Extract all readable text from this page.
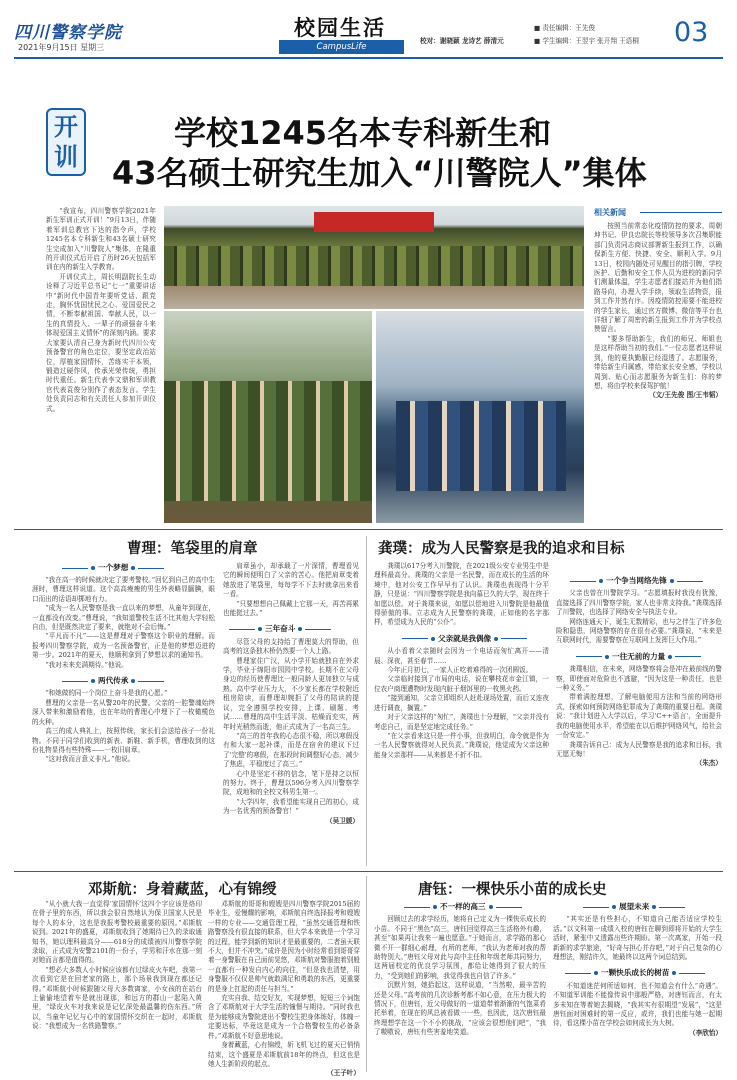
四川警察学院
2021年9月15日 星期三
校园生活
CampusLife
■ 责任编辑：王先俊
校对：谢晓颖 龙诗艺 薛清元	■ 学生编辑：王翌宇 张开翔 王语桐 03
开
训
学校1245名本专科新生和
43名硕士研究生加入“川警院人”集体

“我宣布，四川警察学院2021年新生军训正式开训！”9月13日，伴随着军训总教官下达的指令声，学校1245名本专科新生和43名硕士研究生完成加入“川警院人”集体，在隆重的开训仪式后开启了历时26天包括军训在内的新生入学教育。

开训仪式上，周长明副院长生动诠释了习近平总书记“七一”重要讲话中“新时代中国青年要听党话、跟党走，胸怀忧国忧民之心、爱国爱民之情，不断奉献祖国、奉献人民，以一生的真情投入、一辈子的顽强奋斗来体现爱国主义情怀”的深刻内涵。要求大家要认清自己身为新时代四川公安预备警官的角色定位，要坚定政治站位，厚植家国情怀，苦练实干本领，锻造过硬作风，传承光荣传统，勇担时代重任。新生代表李文鼎和军训教官代表袁俊分别作了表态发言。学生处负责同志和有关责任人参加开训仪式。

相关新闻

按照当前常态化疫情防控的要求，周朝坤书记、伊良忠院长等校领导多次召集职能部门负责同志商议部署新生报到工作，以确保新生方便、快捷、安全、顺利入学。9月13日，校园内随处可见醒目的指引牌，学校医护、后勤和安全工作人员为进校的新同学们测量体温，学生志愿者们接站并为他们指路导向，办理入学手续，领取生活物资，报到工作井然有序。因疫情防控需要不能进校的学生家长，通过官方微博、微信等平台也详细了解了周密的新生报到工作并为学校点赞留言。

“要多帮助新生，我们的师兄、师姐也是这样帮助当初的我们。”一位志愿者这样说到，他的夏执勤服已经湿透了。志愿服务，带给新生归属感，带给家长安全感，学校以周到、贴心而志愿服务为新生们：你的梦想，将由学校来保驾护航！

（文/王先俊 图/王韦韬）
曹理：笔袋里的肩章
一个梦想

“我在高一的时候就决定了要考警校。”回忆到自己的高中生涯时，曹理这样说道。这个高高瘦瘦的男生外表略显腼腆，眼口而出的话语却掷地有力。

“成为一名人民警察是我一直以来的梦想，从童年到现在，一直都没有改变。”曹理说，“我知道警校生活不比其他大学轻松自由，但是既然决定了要来，就绝对不会后悔。”

“平凡而不凡”——这是曹理对于警察这个职业的理解。而报考四川警察学院，成为一名预备警官，正是他的梦想迈进的第一步。2021年的夏天，他顺利拿到了梦想以求的通知书。

“我对未来充满期待。”他说。

两代传承

“和她做的同一个岗位上奋斗是我的心愿。”

曹理的父亲是一名从警20年的民警。父亲的一腔警魂始终深入带来和激励着他，也在年幼的曹理心中埋下了一枚橄榄色的火种。

高三的成人典礼上，按照传统，家长们会送给孩子一份礼物。不同于同学们收到的新表、新鞋、新手机，曹理收到的这份礼物显得有些特殊——一枚旧肩章。

“这对我而言意义非凡。”他说。

肩章虽小，却承载了一片深情，曹理看见它的瞬间便明白了父亲的苦心。他把肩章变着她放进了笔袋里，每每学不下去时就拿出来看一看。

“只要想想自己佩戴上它那一天，再苦再累也能挺过去。”

三年奋斗

尽管父母的支持给了曹理莫大的帮助，但高考的这条独木桥仍然要一个人上路。

曹理家住广汉，从小学开始就独自在外求学，毕业于绵阳市园园中学校。长期不在父母身边的经历使曹理比一般同龄人更加独立与成熟。高中学业压力大，不少家长都在学校附近租房陪读，而曹理却婉拒了父母的陪读的提议，完全遵照学校安排，上课、刷题、考试……曹理的高中生活平淡、枯燥而充实，两年时光稍然而逝，他正式成为了一名高三生。

“高三的首年我的心态很不稳，所以寒假没有和大家一起补课，而是在宿舍的建议下过了'完整'的寒假，在那段时间调整好心态，减少了焦虑，平稳度过了高三。”

心中是坚定不移的信念，笔下是持之以恒的努力。终于，曹理以596分考入四川警察学院，成地和的全校文科男生第一。

“大学四年，我希望能实现自己的初心，成为一名优秀的预备警官！”

（吴卫媛）
龚璞：成为人民警察是我的追求和目标

龚璞以617分考入川警院，在2021级公安专业男生中是理科最高分。龚璞的父亲是一名民警，而在成长的生活的环境中，他对公安工作早早有了认识。龚璞也表现得十分平静，只是说：“四川警察学院是我向慕已久的大学，现在终于如愿以偿。对于龚璞来说，如愿以偿地进入川警院是他最值得骄傲的事。立志成为人民警察的龚璞，正如他的名字那样，希望成为人民的“公仆”。

父亲就是我偶像

从小看着父亲随时会因为一个电话而匆忙离开——清晨、深夜，甚至春节……

今年正月初七，一家人正吃着难得的一次团圆饭。

父亲临时接到了市局的电话，说在攀枝花市金江镇，一位农户商理遭物时发现内脏于烟饵里的一枚黑火药。

“接到通知，父亲立即组织人赶赴现场处置，而后又连夜进行调查，搁置。”

对于父亲这样的“匆忙”，龚璞也十分理解，“父亲并没有考虑自己，而是坚定地完成任务。”

“在父亲看来这只是一件小事，但我明白，命令就是作为一名人民警察就得对人民负责。”龚璞说，他觉成为父亲这种能身父亲那样——从来都是不折不扣。

一个争当网络先锋

父亲也曾在川警院学习。“志愿填报时我没有犹豫，直接选择了四川警察学院，家人也非常支持我。”龚璞选择了川警院，也选择了网络安全与执法专业。

网络连通天下，诞生无数精彩，也与之伴生了许多危险和隐患，网络警察的存在很有必要。”龚璞说，“未来是互联网时代，需要警察在互联网上发挥巨大作用。”

一往无前的力量

龚璞相信，在未来，网络警察将会是冲在最前线的警察，即使面对危险也不逃避，“因为这是一种责任，也是一种义务。”

带着满腔理想，了解电脑便用方法和当前的网络形式，探索如何预防网络犯罪成为了龚璞的重要日程。龚璞说：“我计划进入大学以后，学习'C++语言'，全面提升我的电脑使用水平，希望能在以后维护网络风气，给社会一份安定。”

龚璞告诉自己：成为人民警察是我的追求和目标，我无愿无悔！

（朱杰）
邓斯航：身着藏蓝，心有锦绶

“从小就大我一直觉得‘家国情怀’这四个字应该是烙印在骨子里的东西，所以我会很自然地认为保卫国家人民是每个人的本分，这也是我报考警校最重要的原因。”邓斯航说到。2021年的盛夏，邓斯航收到了她期待已久的录取通知书，她以理科最高分——618分的成绩被四川警察学院录取，正式成为安警2101的一份子，学男和汗水在那一刻对她而言都是值得的。

“想必大多数人小时候应该都有过绿皮火车吧，我第一次看到它是在回老家的路上，那个场景我到现在都还记得。”邓斯航小时候跟随父母大多数离家，小女孩的在站台上偷偷地望着车是就出现那，和远方的群山一起陷入黄里，“绿皮火车对我来说是记忆深处最温馨的伤东西。”所以，当童年记忆与心中的家国情怀交织在一起时，邓斯航说：“我想成为一名铁路警察。”

邓斯航的哥哥和嫂嫂是四川警察学院2015届的毕业生，爱慢耀的影响，邓斯航自终选择报考和嫂嫂一样的专业——交通管理工程，“虽然交通管理和铁路警察没有很直接的联系，但大学本来就是一个学习的过程，能学到新的知识才是最重要的，二者虽天联不大，但并不冲突。”成许是因为小时经常看到哥哥穿着一身警服在自己面前晃悠，邓斯航对警服抱着别般一直都有一种发自内心的向往，“但是我也清楚，用身警服不仅仅是帅气就敢满足和勇敢的东西，更重要的是身上扛起的责任与担当。”

充实自我、结交好友，实现梦想，短短三个词饱含了邓斯航对于大学生活的憧憬与期待。“同时我也是为能够成为警院进出不警校生把身体练好，体魄一定要达标，毕竟这是成为一个合格警校生的必备条件。”邓斯航不好意思地说。

身着藏蓝，心有锦绶，斩飞机飞过的夏天已悄悄结束，这个盛夏是邓斯航前18年的终点，但这也是她人生新阶段的起点。

（王子叶）
唐钰：一棵快乐小苗的成长史
不一样的高三

回顾过去的求学经历，她将自己定义为一棵快乐成长的小苗。不同于“黑色”高三，唐钰回觉得高三生活格外有趣，甚至“如果再让我来一遍也愿意。”于她而言，求学路的那心微不开一群细心耐理，有所的老师，“我认为老师对我的帮助特别大。”唐钰父母对此与高中主任和年级老师共同努力，这两届校定的优良学习氛围，都给让她得到了很大的压力，“受到她们的影响，我觉得我也自信了许多。”

沉默片刻，她拾起这，这样说道，“当然啦，最辛苦的还是父母。”高考前的几次诊断考都不如心意，在压力极大的情况下，但唐钰，近父母做好的一道道带着渐渐的气饱菜肴托举着，在现在的风总被看做一一些，也因此，这次唐钰最终理想学在这一个不小的挑战，“应该会很想他们吧”，“我了嗷嗷说，唐钰有些害羞地笑道。

展望未来

“其实还是有些担心，不知道自己能否适应学校生活。”以文科第一成绩入校的唐钰在聊到即将开始的大学生活时，紧张中又透露出些许期盼。第一次离家，开始一段新新的求学旅途，“好奇与担心并存吧，”对于自己复杂的心理想法，刚结许久，她最终以这两个词总结到。

一颗快乐成长的树苗

不知道迷茫何所适如何，也不知道会有什么“奇遇”。不知道军训能不能像传说中那般严格，对唐钰而言，有太多未知在等着她去揭晓，“我其实有很期望“发展”，“这是唐钰面对困难时的第一反应，或许，我们也能与她一起期待，看这棵小苗在学校会如何成长为大树。

（李欣怡）
